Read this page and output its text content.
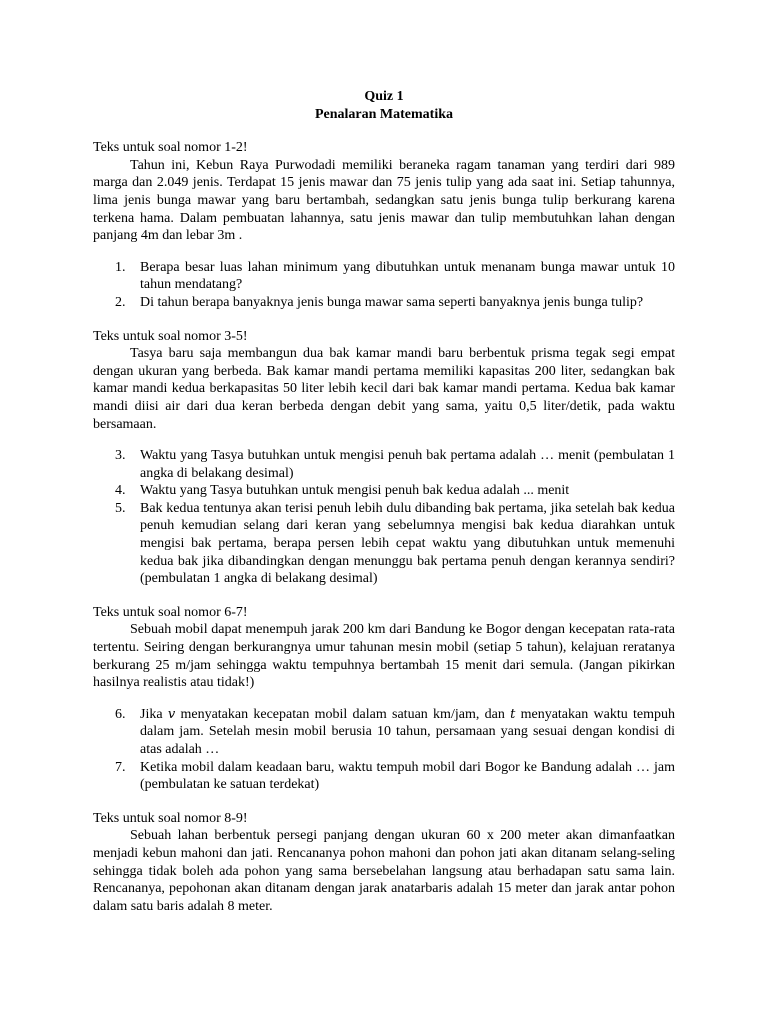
Quiz 1

Penalaran Matematika

Teks untuk soal nomor 1-2!

Tahun ini, Kebun Raya Purwodadi memiliki beraneka ragam tanaman yang terdiri dari 989 marga dan 2.049 jenis. Terdapat 15 jenis mawar dan 75 jenis tulip yang ada saat ini. Setiap tahunnya, lima jenis bunga mawar yang baru bertambah, sedangkan satu jenis bunga tulip berkurang karena terkena hama. Dalam pembuatan lahannya, satu jenis mawar dan tulip membutuhkan lahan dengan panjang 4m dan lebar 3m .

1. Berapa besar luas lahan minimum yang dibutuhkan untuk menanam bunga mawar untuk 10 tahun mendatang?
2. Di tahun berapa banyaknya jenis bunga mawar sama seperti banyaknya jenis bunga tulip?

Teks untuk soal nomor 3-5!

Tasya baru saja membangun dua bak kamar mandi baru berbentuk prisma tegak segi empat dengan ukuran yang berbeda. Bak kamar mandi pertama memiliki kapasitas 200 liter, sedangkan bak kamar mandi kedua berkapasitas 50 liter lebih kecil dari bak kamar mandi pertama. Kedua bak kamar mandi diisi air dari dua keran berbeda dengan debit yang sama, yaitu 0,5 liter/detik, pada waktu bersamaan.

3. Waktu yang Tasya butuhkan untuk mengisi penuh bak pertama adalah … menit (pembulatan 1 angka di belakang desimal)
4. Waktu yang Tasya butuhkan untuk mengisi penuh bak kedua adalah ... menit
5. Bak kedua tentunya akan terisi penuh lebih dulu dibanding bak pertama, jika setelah bak kedua penuh kemudian selang dari keran yang sebelumnya mengisi bak kedua diarahkan untuk mengisi bak pertama, berapa persen lebih cepat waktu yang dibutuhkan untuk memenuhi kedua bak jika dibandingkan dengan menunggu bak pertama penuh dengan kerannya sendiri? (pembulatan 1 angka di belakang desimal)

Teks untuk soal nomor 6-7!

Sebuah mobil dapat menempuh jarak 200 km dari Bandung ke Bogor dengan kecepatan rata-rata tertentu. Seiring dengan berkurangnya umur tahunan mesin mobil (setiap 5 tahun), kelajuan reratanya berkurang 25 m/jam sehingga waktu tempuhnya bertambah 15 menit dari semula. (Jangan pikirkan hasilnya realistis atau tidak!)

6. Jika v menyatakan kecepatan mobil dalam satuan km/jam, dan t menyatakan waktu tempuh dalam jam. Setelah mesin mobil berusia 10 tahun, persamaan yang sesuai dengan kondisi di atas adalah …
7. Ketika mobil dalam keadaan baru, waktu tempuh mobil dari Bogor ke Bandung adalah … jam (pembulatan ke satuan terdekat)

Teks untuk soal nomor 8-9!

Sebuah lahan berbentuk persegi panjang dengan ukuran 60 x 200 meter akan dimanfaatkan menjadi kebun mahoni dan jati. Rencananya pohon mahoni dan pohon jati akan ditanam selang-seling sehingga tidak boleh ada pohon yang sama bersebelahan langsung atau berhadapan satu sama lain. Rencananya, pepohonan akan ditanam dengan jarak anatarbaris adalah 15 meter dan jarak antar pohon dalam satu baris adalah 8 meter.
